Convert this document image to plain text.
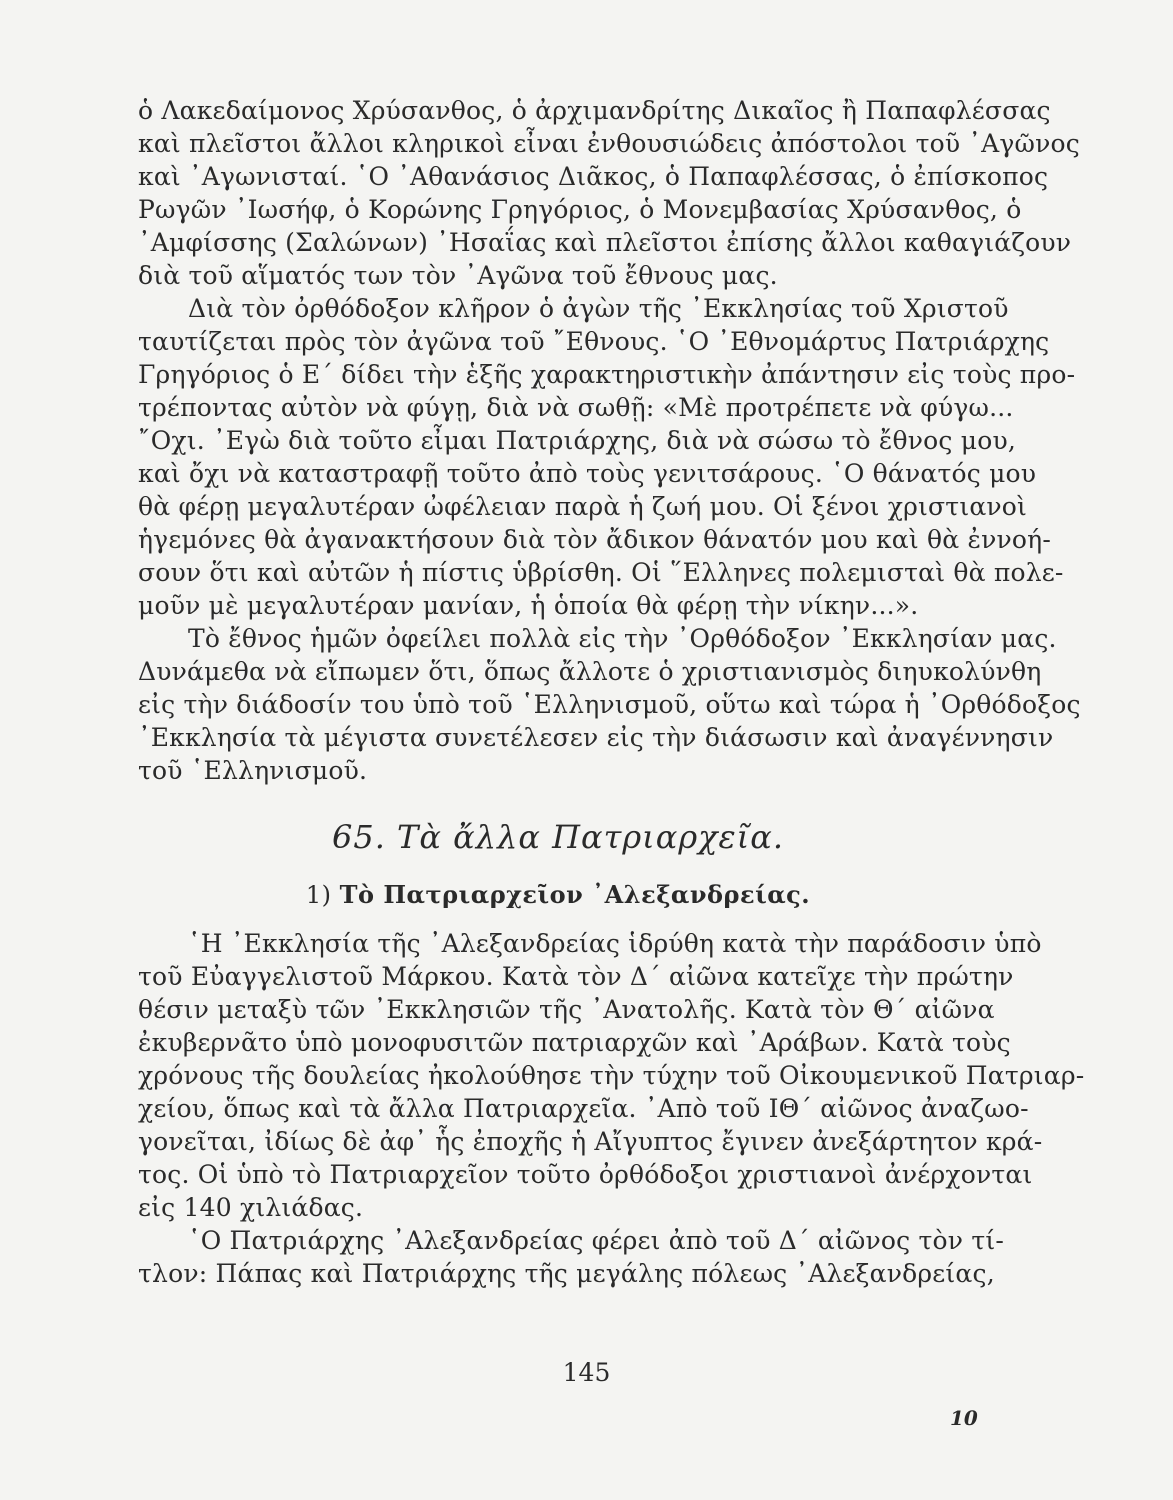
ὁ Λακεδαίμονος Χρύσανθος, ὁ ἀρχιμανδρίτης Δικαῖος ἢ Παπαφλέσσας
καὶ πλεῖστοι ἄλλοι κληρικοὶ εἶναι ἐνθουσιώδεις ἀπόστολοι τοῦ ᾽Αγῶνος
καὶ ᾽Αγωνισταί. ῾Ο ᾽Αθανάσιος Διᾶκος, ὁ Παπαφλέσσας, ὁ ἐπίσκοπος
Ρωγῶν ᾽Ιωσήφ, ὁ Κορώνης Γρηγόριος, ὁ Μονεμβασίας Χρύσανθος, ὁ
᾽Αμφίσσης (Σαλώνων) ᾽Ησαΐας καὶ πλεῖστοι ἐπίσης ἄλλοι καθαγιάζουν
διὰ τοῦ αἵματός των τὸν ᾽Αγῶνα τοῦ ἔθνους μας.
Διὰ τὸν ὀρθόδοξον κλῆρον ὁ ἀγὼν τῆς ᾽Εκκλησίας τοῦ Χριστοῦ
ταυτίζεται πρὸς τὸν ἀγῶνα τοῦ ῎Εθνους. ῾Ο ᾽Εθνομάρτυς Πατριάρχης
Γρηγόριος ὁ Ε΄ δίδει τὴν ἑξῆς χαρακτηριστικὴν ἀπάντησιν εἰς τοὺς προ-
τρέποντας αὐτὸν νὰ φύγῃ, διὰ νὰ σωθῇ: «Μὲ προτρέπετε νὰ φύγω...
῎Οχι. ᾽Εγὼ διὰ τοῦτο εἶμαι Πατριάρχης, διὰ νὰ σώσω τὸ ἔθνος μου,
καὶ ὄχι νὰ καταστραφῇ τοῦτο ἀπὸ τοὺς γενιτσάρους. ῾Ο θάνατός μου
θὰ φέρῃ μεγαλυτέραν ὠφέλειαν παρὰ ἡ ζωή μου. Οἱ ξένοι χριστιανοὶ
ἡγεμόνες θὰ ἀγανακτήσουν διὰ τὸν ἄδικον θάνατόν μου καὶ θὰ ἐννοή-
σουν ὅτι καὶ αὐτῶν ἡ πίστις ὑβρίσθη. Οἱ ῞Ελληνες πολεμισταὶ θὰ πολε-
μοῦν μὲ μεγαλυτέραν μανίαν, ἡ ὁποία θὰ φέρῃ τὴν νίκην...».
Τὸ ἔθνος ἡμῶν ὀφείλει πολλὰ εἰς τὴν ᾽Ορθόδοξον ᾽Εκκλησίαν μας.
Δυνάμεθα νὰ εἴπωμεν ὅτι, ὅπως ἄλλοτε ὁ χριστιανισμὸς διηυκολύνθη
εἰς τὴν διάδοσίν του ὑπὸ τοῦ ῾Ελληνισμοῦ, οὕτω καὶ τώρα ἡ ᾽Ορθόδοξος
᾽Εκκλησία τὰ μέγιστα συνετέλεσεν εἰς τὴν διάσωσιν καὶ ἀναγέννησιν
τοῦ ῾Ελληνισμοῦ.
65. Τὰ ἄλλα Πατριαρχεῖα.
1) Τὸ Πατριαρχεῖον ᾽Αλεξανδρείας.
῾Η ᾽Εκκλησία τῆς ᾽Αλεξανδρείας ἱδρύθη κατὰ τὴν παράδοσιν ὑπὸ
τοῦ Εὐαγγελιστοῦ Μάρκου. Κατὰ τὸν Δ΄ αἰῶνα κατεῖχε τὴν πρώτην
θέσιν μεταξὺ τῶν ᾽Εκκλησιῶν τῆς ᾽Ανατολῆς. Κατὰ τὸν Θ΄ αἰῶνα
ἐκυβερνᾶτο ὑπὸ μονοφυσιτῶν πατριαρχῶν καὶ ᾽Αράβων. Κατὰ τοὺς
χρόνους τῆς δουλείας ἠκολούθησε τὴν τύχην τοῦ Οἰκουμενικοῦ Πατριαρ-
χείου, ὅπως καὶ τὰ ἄλλα Πατριαρχεῖα. ᾽Απὸ τοῦ ΙΘ΄ αἰῶνος ἀναζωο-
γονεῖται, ἰδίως δὲ ἀφ᾽ ἧς ἐποχῆς ἡ Αἴγυπτος ἔγινεν ἀνεξάρτητον κρά-
τος. Οἱ ὑπὸ τὸ Πατριαρχεῖον τοῦτο ὀρθόδοξοι χριστιανοὶ ἀνέρχονται
εἰς 140 χιλιάδας.
῾Ο Πατριάρχης ᾽Αλεξανδρείας φέρει ἀπὸ τοῦ Δ΄ αἰῶνος τὸν τί-
τλον: Πάπας καὶ Πατριάρχης τῆς μεγάλης πόλεως ᾽Αλεξανδρείας,
145
10
